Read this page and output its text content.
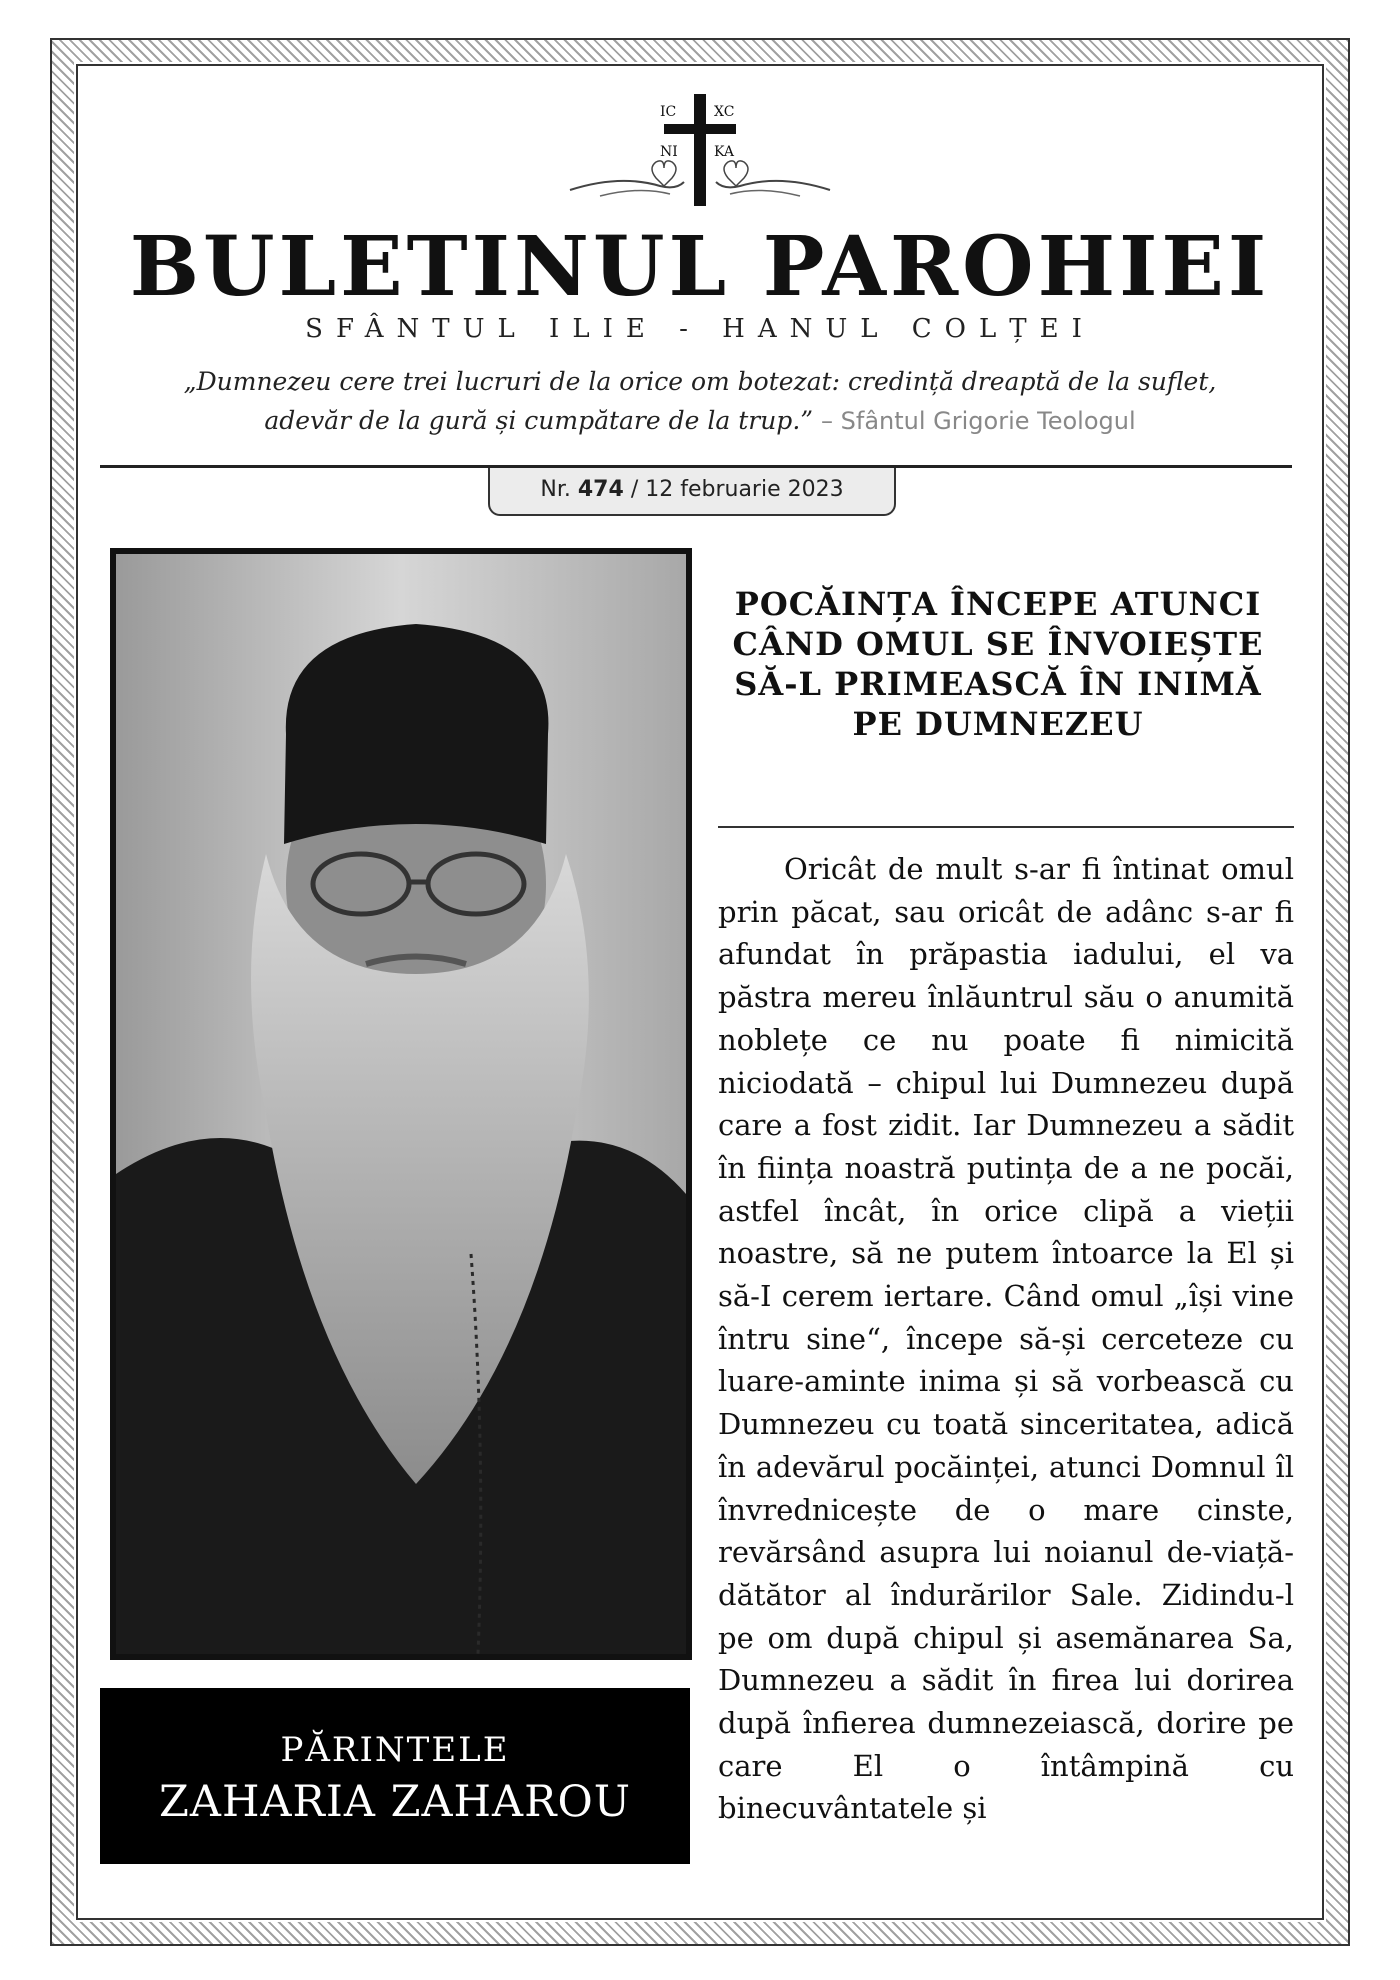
IC	XC
NI	KA
BULETINUL PAROHIEI
SFÂNTUL ILIE - HANUL COLȚEI
„Dumnezeu cere trei lucruri de la orice om botezat: credință dreaptă de la suflet,
adevăr de la gură și cumpătare de la trup.” – Sfântul Grigorie Teologul
Nr. 474 / 12 februarie 2023
PĂRINTELE
ZAHARIA ZAHAROU
POCĂINȚA ÎNCEPE ATUNCI CÂND OMUL SE ÎNVOIEȘTE SĂ-L PRIMEASCĂ ÎN INIMĂ PE DUMNEZEU

Oricât de mult s-ar fi întinat omul prin păcat, sau oricât de adânc s-ar fi afundat în prăpastia iadului, el va păstra mereu înlăuntrul său o anumită noblețe ce nu poate fi nimicită niciodată – chipul lui Dumnezeu după care a fost zidit. Iar Dumnezeu a sădit în ființa noastră putința de a ne pocăi, astfel încât, în orice clipă a vieții noastre, să ne putem întoarce la El și să-I cerem iertare. Când omul „își vine întru sine“, începe să-și cerceteze cu luare-aminte inima și să vorbească cu Dumnezeu cu toată sinceritatea, adică în adevărul pocăinței, atunci Domnul îl învrednicește de o mare cinste, revărsând asupra lui noianul de-viață-dătător al îndurărilor Sale. Zidindu-l pe om după chipul și asemănarea Sa, Dumnezeu a sădit în firea lui dorirea după înfierea dumnezeiască, dorire pe care El o întâmpină cu binecuvântatele și
